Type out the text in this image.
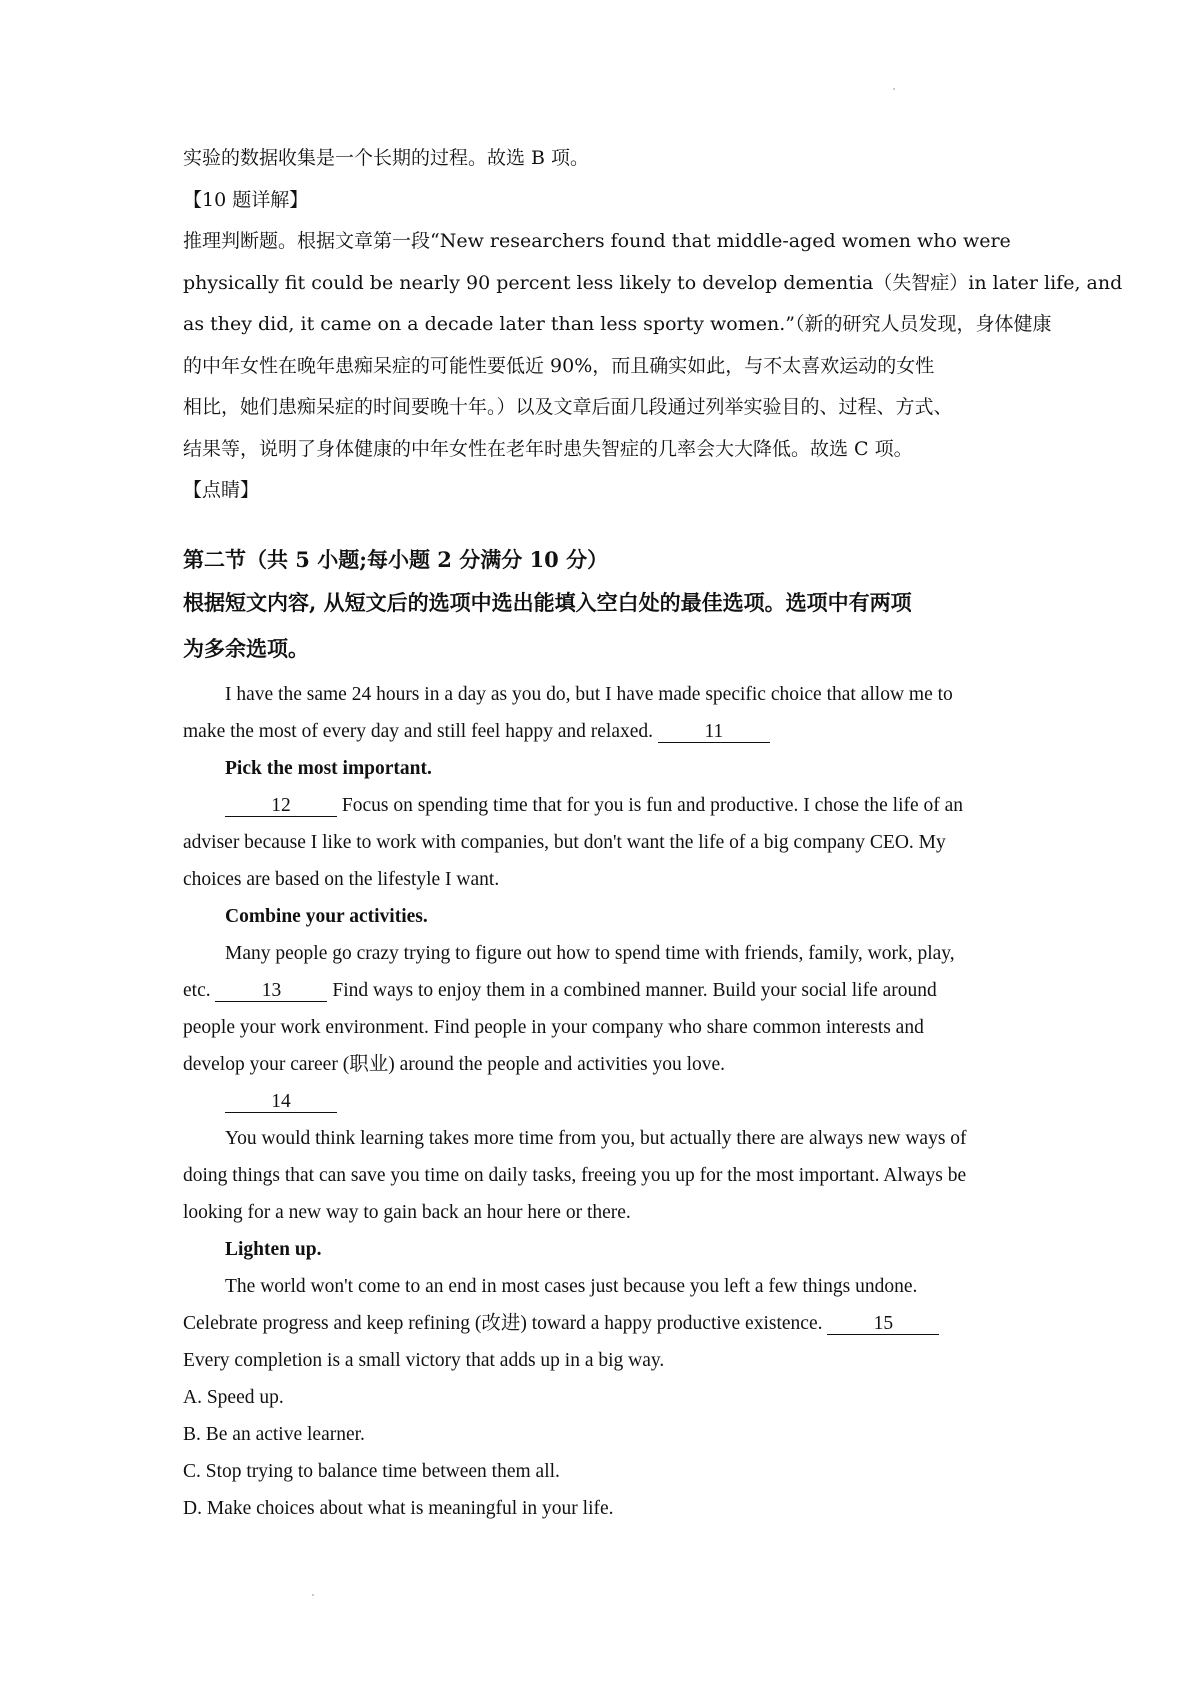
实验的数据收集是一个长期的过程。故选 B 项。
【10 题详解】
推理判断题。根据文章第一段“New researchers found that middle-aged women who were
physically fit could be nearly 90 percent less likely to develop dementia（失智症）in later life, and
as they did, it came on a decade later than less sporty women.”（新的研究人员发现，身体健康
的中年女性在晚年患痴呆症的可能性要低近 90%，而且确实如此，与不太喜欢运动的女性
相比，她们患痴呆症的时间要晚十年。）以及文章后面几段通过列举实验目的、过程、方式、
结果等，说明了身体健康的中年女性在老年时患失智症的几率会大大降低。故选 C 项。
【点睛】
第二节（共 5 小题;每小题 2 分满分 10 分）
根据短文内容, 从短文后的选项中选出能填入空白处的最佳选项。选项中有两项
为多余选项。
I have the same 24 hours in a day as you do, but I have made specific choice that allow me to
make the most of every day and still feel happy and relaxed.	11
Pick the most important.
12	Focus on spending time that for you is fun and productive. I chose the life of an
adviser because I like to work with companies, but don't want the life of a big company CEO. My
choices are based on the lifestyle I want.
Combine your activities.
Many people go crazy trying to figure out how to spend time with friends, family, work, play,
etc.	13	Find ways to enjoy them in a combined manner. Build your social life around
people your work environment. Find people in your company who share common interests and
develop your career (职业) around the people and activities you love.
14
You would think learning takes more time from you, but actually there are always new ways of
doing things that can save you time on daily tasks, freeing you up for the most important. Always be
looking for a new way to gain back an hour here or there.
Lighten up.
The world won't come to an end in most cases just because you left a few things undone.
Celebrate progress and keep refining (改进) toward a happy productive existence.	15
Every completion is a small victory that adds up in a big way.
A. Speed up.
B. Be an active learner.
C. Stop trying to balance time between them all.
D. Make choices about what is meaningful in your life.
